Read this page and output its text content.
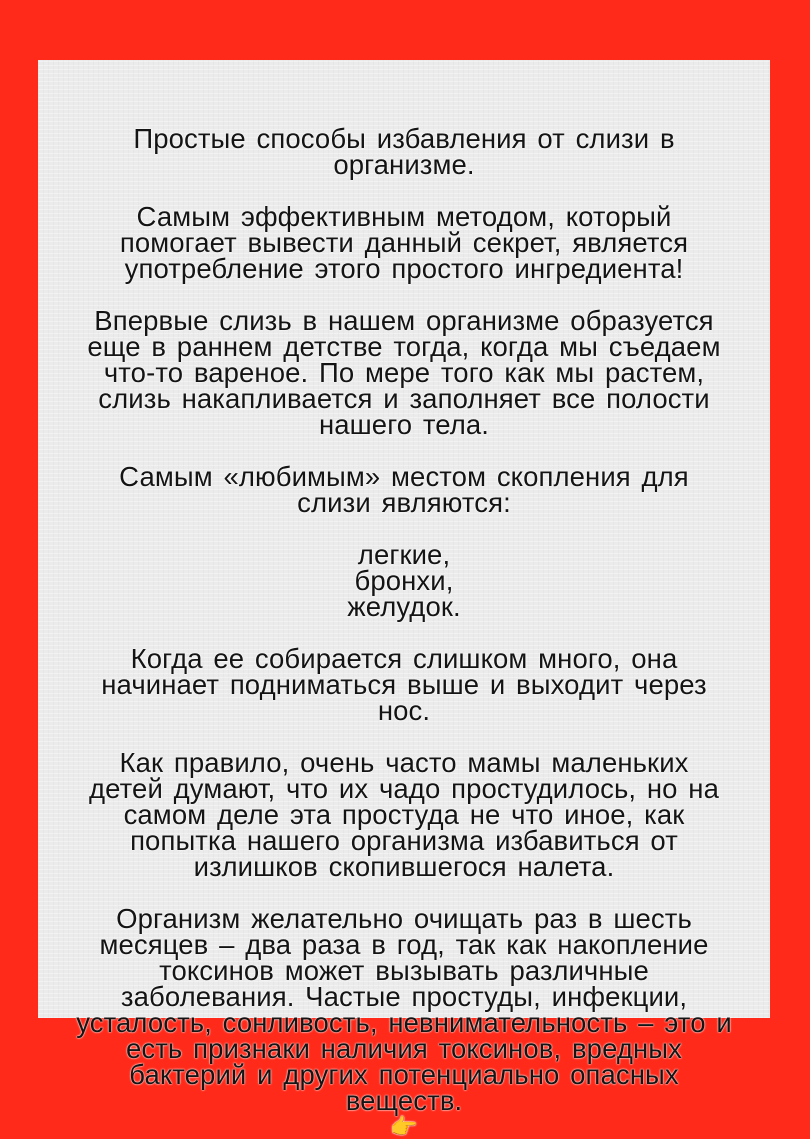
Простые способы избавления от слизи в
организме.
Самым эффективным методом, который
помогает вывести данный секрет, является
употребление этого простого ингредиента!
Впервые слизь в нашем организме образуется
еще в раннем детстве тогда, когда мы съедаем
что-то вареное. По мере того как мы растем,
слизь накапливается и заполняет все полости
нашего тела.
Самым «любимым» местом скопления для
слизи являются:
легкие,
бронхи,
желудок.
Когда ее собирается слишком много, она
начинает подниматься выше и выходит через
нос.
Как правило, очень часто мамы маленьких
детей думают, что их чадо простудилось, но на
самом деле эта простуда не что иное, как
попытка нашего организма избавиться от
излишков скопившегося налета.
Организм желательно очищать раз в шесть
месяцев – два раза в год, так как накопление
токсинов может вызывать различные
заболевания. Частые простуды, инфекции,
усталость, сонливость, невнимательность – это и
есть признаки наличия токсинов, вредных
бактерий и других потенциально опасных
веществ.
👉
